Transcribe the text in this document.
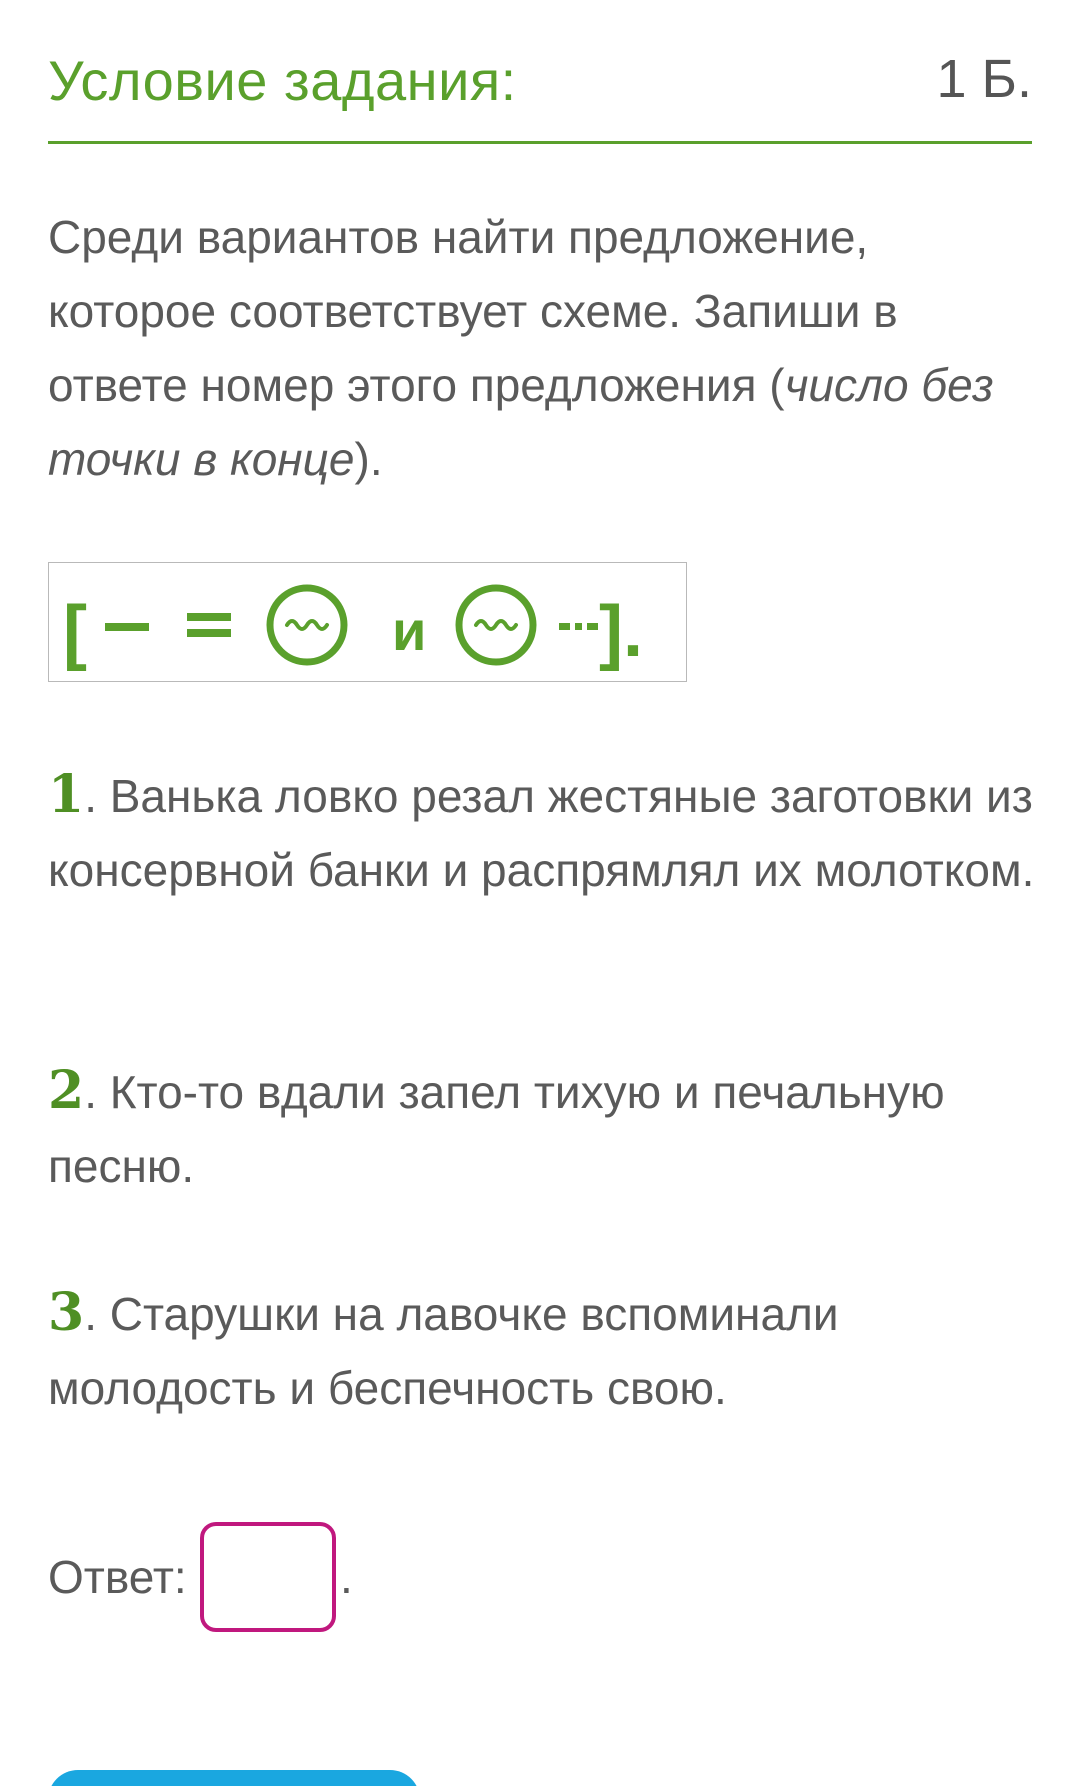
Условие задания:	1 Б.
Среди вариантов найти предложение, которое соответствует схеме. Запиши в ответе номер этого предложения (число без точки в конце).
[	и ].
1. Ванька ловко резал жестяные заготовки из консервной банки и распрямлял их молотком.
2. Кто-то вдали запел тихую и печальную песню.
3. Старушки на лавочке вспоминали молодость и беспечность свою.
Ответ:	.
